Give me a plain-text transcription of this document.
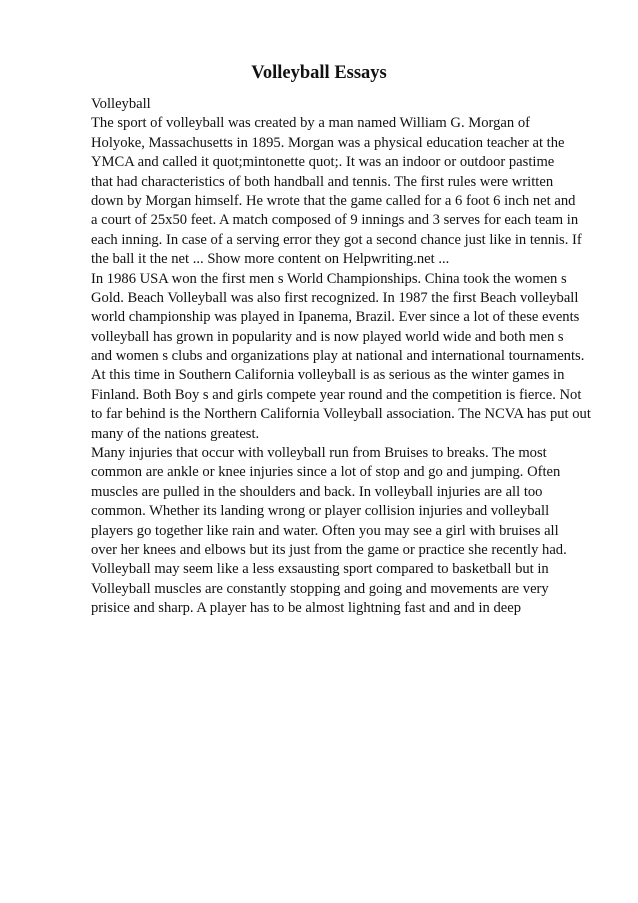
Volleyball Essays
Volleyball
The sport of volleyball was created by a man named William G. Morgan of
Holyoke, Massachusetts in 1895. Morgan was a physical education teacher at the
YMCA and called it quot;mintonette quot;. It was an indoor or outdoor pastime
that had characteristics of both handball and tennis. The first rules were written
down by Morgan himself. He wrote that the game called for a 6 foot 6 inch net and
a court of 25x50 feet. A match composed of 9 innings and 3 serves for each team in
each inning. In case of a serving error they got a second chance just like in tennis. If
the ball it the net ... Show more content on Helpwriting.net ...
In 1986 USA won the first men s World Championships. China took the women s
Gold. Beach Volleyball was also first recognized. In 1987 the first Beach volleyball
world championship was played in Ipanema, Brazil. Ever since a lot of these events
volleyball has grown in popularity and is now played world wide and both men s
and women s clubs and organizations play at national and international tournaments.
At this time in Southern California volleyball is as serious as the winter games in
Finland. Both Boy s and girls compete year round and the competition is fierce. Not
to far behind is the Northern California Volleyball association. The NCVA has put out
many of the nations greatest.
Many injuries that occur with volleyball run from Bruises to breaks. The most
common are ankle or knee injuries since a lot of stop and go and jumping. Often
muscles are pulled in the shoulders and back. In volleyball injuries are all too
common. Whether its landing wrong or player collision injuries and volleyball
players go together like rain and water. Often you may see a girl with bruises all
over her knees and elbows but its just from the game or practice she recently had.
Volleyball may seem like a less exsausting sport compared to basketball but in
Volleyball muscles are constantly stopping and going and movements are very
prisice and sharp. A player has to be almost lightning fast and and in deep
